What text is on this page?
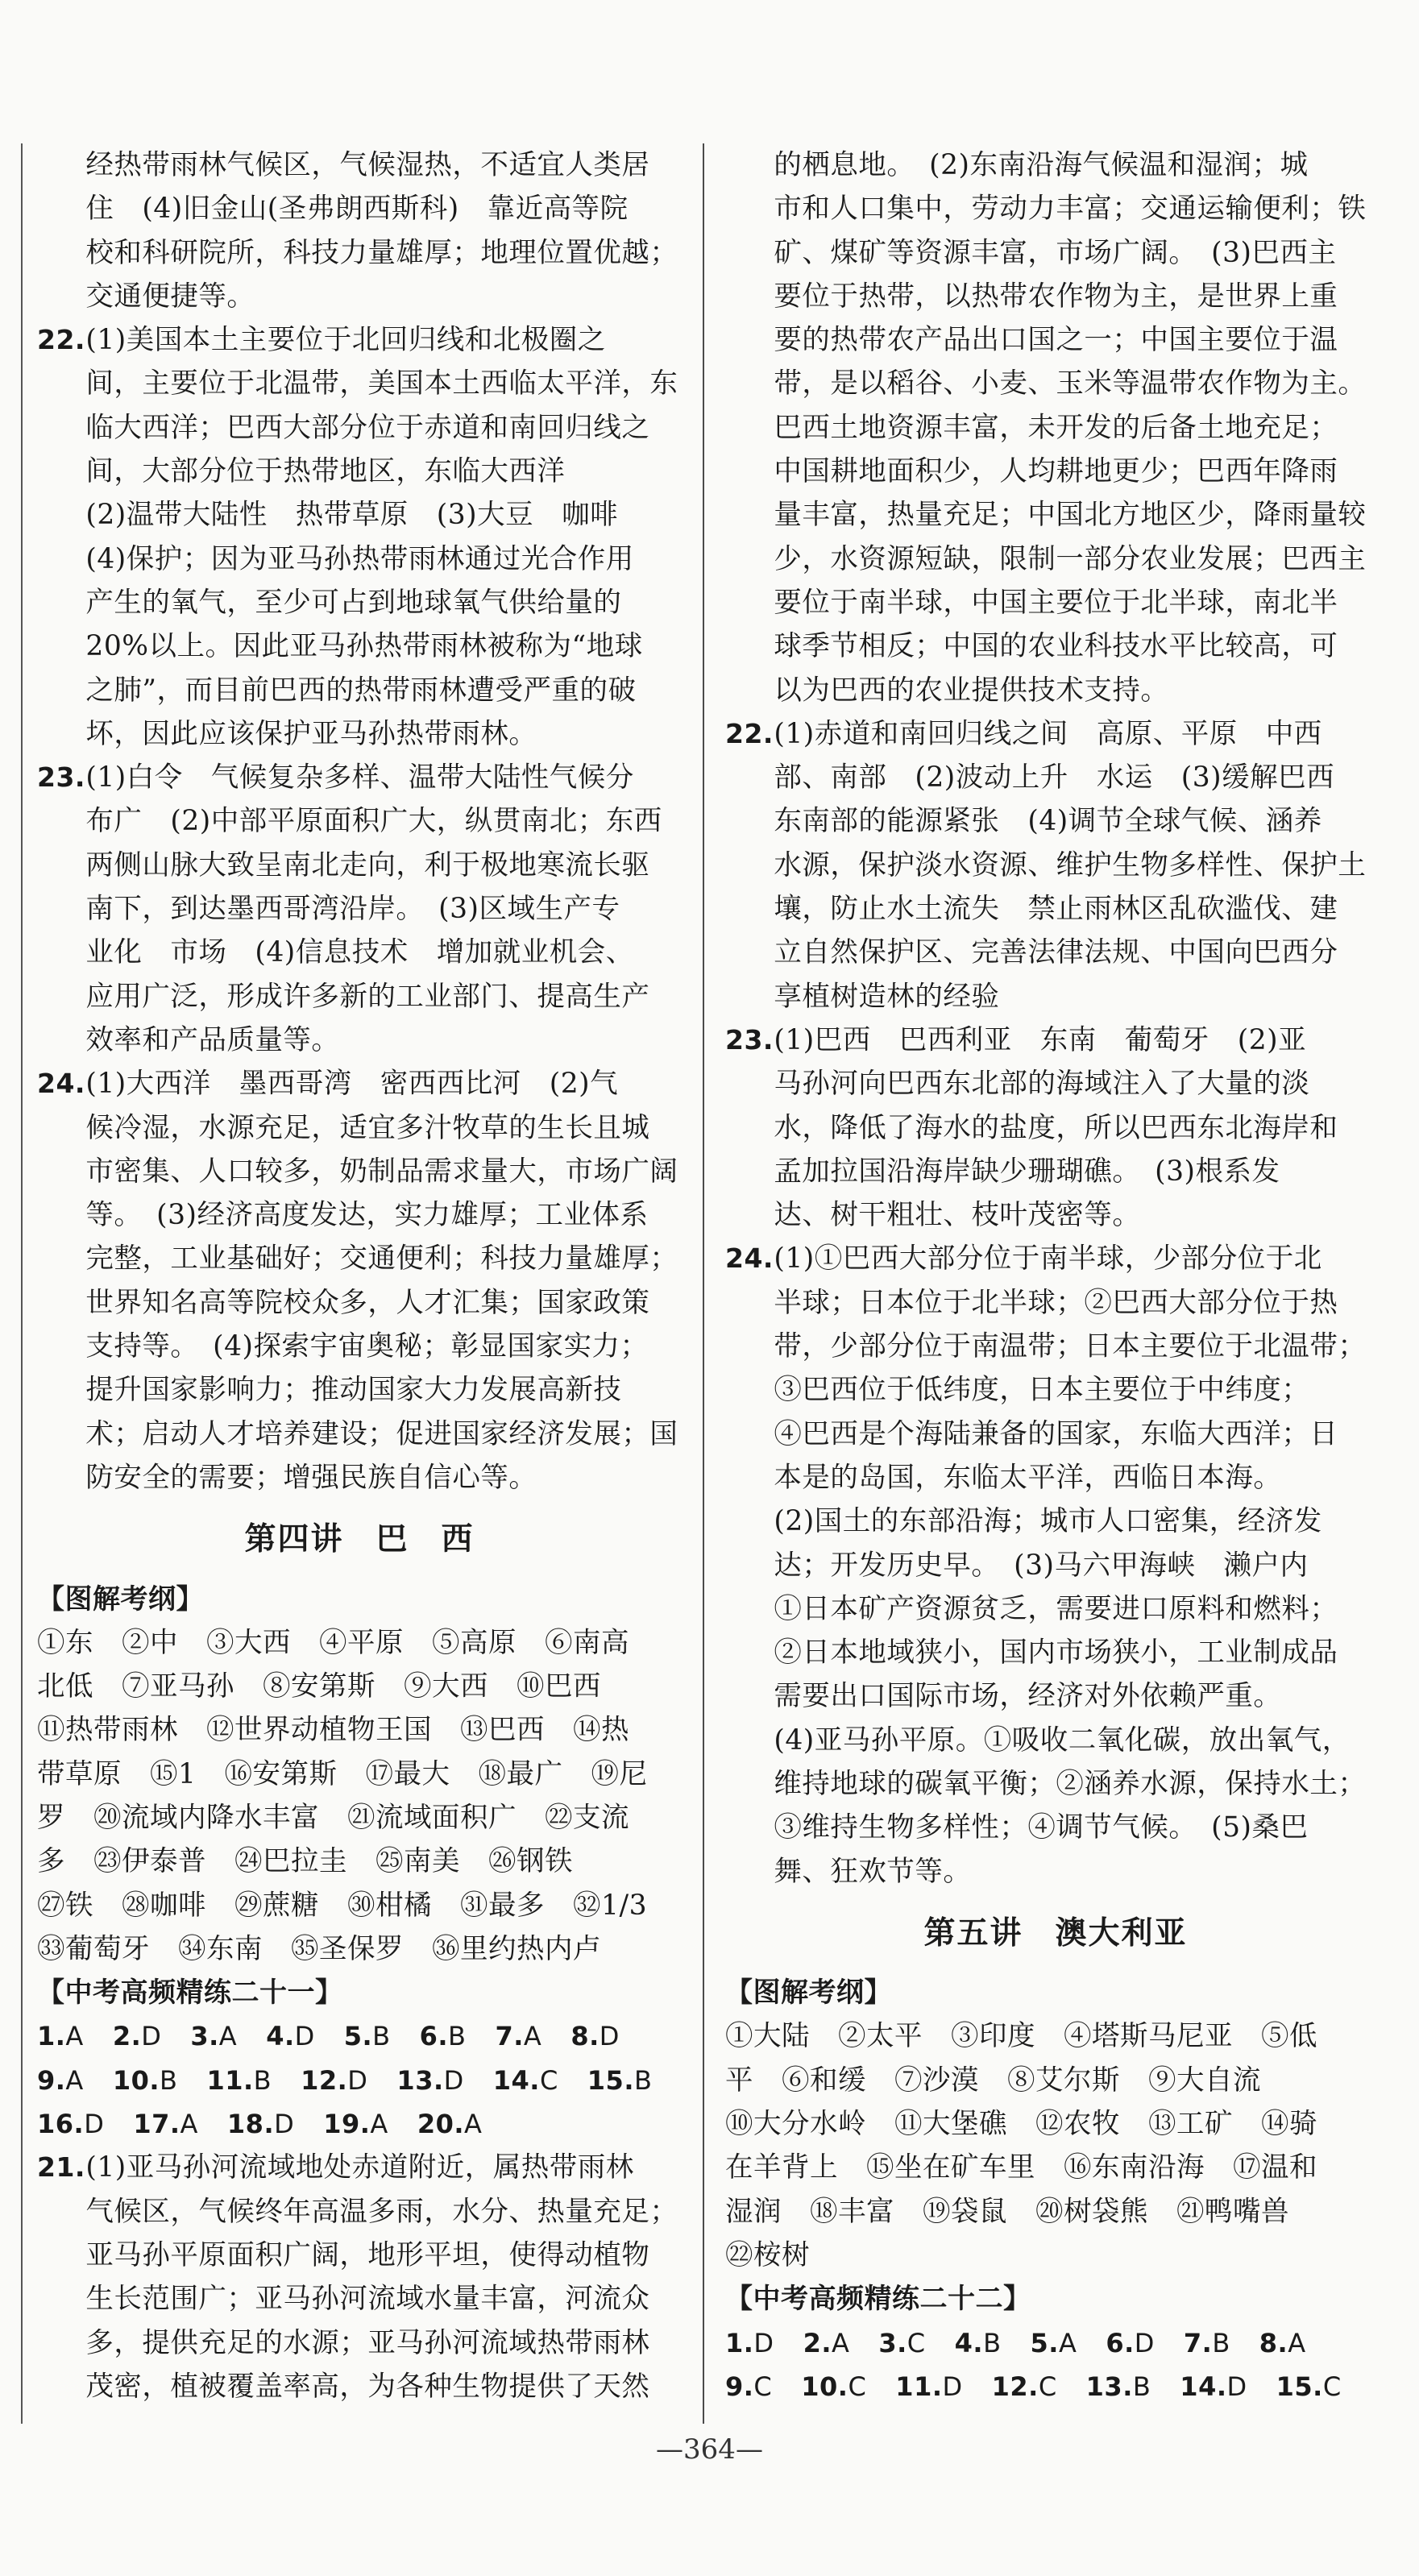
经热带雨林气候区，气候湿热，不适宜人类居
住　(4)旧金山(圣弗朗西斯科)　靠近高等院
校和科研院所，科技力量雄厚；地理位置优越；
交通便捷等。
22. (1)美国本土主要位于北回归线和北极圈之
间，主要位于北温带，美国本土西临太平洋，东
临大西洋；巴西大部分位于赤道和南回归线之
间，大部分位于热带地区，东临大西洋
(2)温带大陆性　热带草原　(3)大豆　咖啡
(4)保护；因为亚马孙热带雨林通过光合作用
产生的氧气，至少可占到地球氧气供给量的
20%以上。因此亚马孙热带雨林被称为“地球
之肺”，而目前巴西的热带雨林遭受严重的破
坏，因此应该保护亚马孙热带雨林。
23. (1)白令　气候复杂多样、温带大陆性气候分
布广　(2)中部平原面积广大，纵贯南北；东西
两侧山脉大致呈南北走向，利于极地寒流长驱
南下，到达墨西哥湾沿岸。　(3)区域生产专
业化　市场　(4)信息技术　增加就业机会、
应用广泛，形成许多新的工业部门、提高生产
效率和产品质量等。
24. (1)大西洋　墨西哥湾　密西西比河　(2)气
候冷湿，水源充足，适宜多汁牧草的生长且城
市密集、人口较多，奶制品需求量大，市场广阔
等。　(3)经济高度发达，实力雄厚；工业体系
完整，工业基础好；交通便利；科技力量雄厚；
世界知名高等院校众多，人才汇集；国家政策
支持等。　(4)探索宇宙奥秘；彰显国家实力；
提升国家影响力；推动国家大力发展高新技
术；启动人才培养建设；促进国家经济发展；国
防安全的需要；增强民族自信心等。
第四讲 巴 西
【图解考纲】
①东　②中　③大西　④平原　⑤高原　⑥南高
北低　⑦亚马孙　⑧安第斯　⑨大西　⑩巴西
⑪热带雨林　⑫世界动植物王国　⑬巴西　⑭热
带草原　⑮1　⑯安第斯　⑰最大　⑱最广　⑲尼
罗　⑳流域内降水丰富　㉑流域面积广　㉒支流
多　㉓伊泰普　㉔巴拉圭　㉕南美　㉖钢铁
㉗铁　㉘咖啡　㉙蔗糖　㉚柑橘　㉛最多　㉜1/3
㉝葡萄牙　㉞东南　㉟圣保罗　㊱里约热内卢
【中考高频精练二十一】
1.A 2.D 3.A 4.D 5.B 6.B 7.A 8.D
9.A 10.B 11.B 12.D 13.D 14.C 15.B
16.D 17.A 18.D 19.A 20.A
21. (1)亚马孙河流域地处赤道附近，属热带雨林
气候区，气候终年高温多雨，水分、热量充足；
亚马孙平原面积广阔，地形平坦，使得动植物
生长范围广；亚马孙河流域水量丰富，河流众
多，提供充足的水源；亚马孙河流域热带雨林
茂密，植被覆盖率高，为各种生物提供了天然
的栖息地。　(2)东南沿海气候温和湿润；城
市和人口集中，劳动力丰富；交通运输便利；铁
矿、煤矿等资源丰富，市场广阔。　(3)巴西主
要位于热带，以热带农作物为主，是世界上重
要的热带农产品出口国之一；中国主要位于温
带，是以稻谷、小麦、玉米等温带农作物为主。
巴西土地资源丰富，未开发的后备土地充足；
中国耕地面积少，人均耕地更少；巴西年降雨
量丰富，热量充足；中国北方地区少，降雨量较
少，水资源短缺，限制一部分农业发展；巴西主
要位于南半球，中国主要位于北半球，南北半
球季节相反；中国的农业科技水平比较高，可
以为巴西的农业提供技术支持。
22. (1)赤道和南回归线之间　高原、平原　中西
部、南部　(2)波动上升　水运　(3)缓解巴西
东南部的能源紧张　(4)调节全球气候、涵养
水源，保护淡水资源、维护生物多样性、保护土
壤，防止水土流失　禁止雨林区乱砍滥伐、建
立自然保护区、完善法律法规、中国向巴西分
享植树造林的经验
23. (1)巴西　巴西利亚　东南　葡萄牙　(2)亚
马孙河向巴西东北部的海域注入了大量的淡
水，降低了海水的盐度，所以巴西东北海岸和
孟加拉国沿海岸缺少珊瑚礁。　(3)根系发
达、树干粗壮、枝叶茂密等。
24. (1)①巴西大部分位于南半球，少部分位于北
半球；日本位于北半球；②巴西大部分位于热
带，少部分位于南温带；日本主要位于北温带；
③巴西位于低纬度，日本主要位于中纬度；
④巴西是个海陆兼备的国家，东临大西洋；日
本是的岛国，东临太平洋，西临日本海。
(2)国土的东部沿海；城市人口密集，经济发
达；开发历史早。　(3)马六甲海峡　濑户内
①日本矿产资源贫乏，需要进口原料和燃料；
②日本地域狭小，国内市场狭小，工业制成品
需要出口国际市场，经济对外依赖严重。
(4)亚马孙平原。①吸收二氧化碳，放出氧气，
维持地球的碳氧平衡；②涵养水源，保持水土；
③维持生物多样性；④调节气候。　(5)桑巴
舞、狂欢节等。
第五讲 澳大利亚
【图解考纲】
①大陆　②太平　③印度　④塔斯马尼亚　⑤低
平　⑥和缓　⑦沙漠　⑧艾尔斯　⑨大自流
⑩大分水岭　⑪大堡礁　⑫农牧　⑬工矿　⑭骑
在羊背上　⑮坐在矿车里　⑯东南沿海　⑰温和
湿润　⑱丰富　⑲袋鼠　⑳树袋熊　㉑鸭嘴兽
㉒桉树
【中考高频精练二十二】
1.D 2.A 3.C 4.B 5.A 6.D 7.B 8.A
9.C 10.C 11.D 12.C 13.B 14.D 15.C
—364—
